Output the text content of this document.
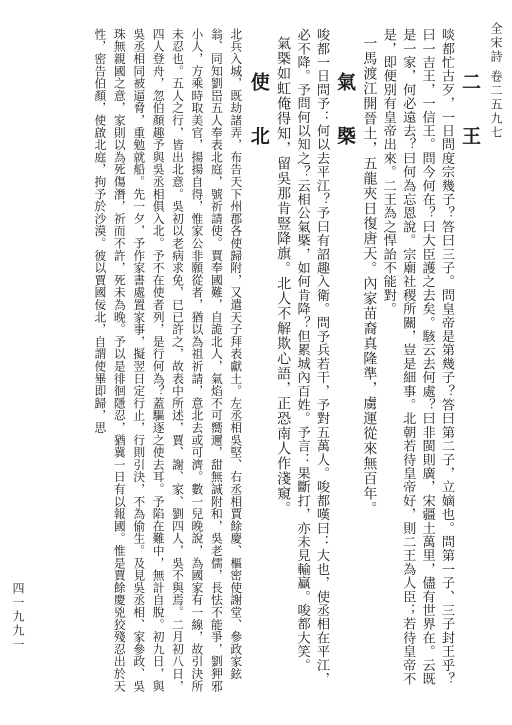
全宋詩 卷二五九七
四一九九一
二 王
啖都忙古歹，一日問度宗幾子？答曰三子。問皇帝是第幾子？答曰第二子，立嫡也。問第一子、三子封王乎？曰一吉王，一信王。問今何在？曰大臣護之去矣。駭云去何處？曰非閩則廣，宋疆土萬里，儘有世界在。云既是一家，何必遠去？曰何為忘恩說。宗廟社稷所關，豈是細事。北朝若待皇帝好，則二王為人臣；若待皇帝不是，即便別有皇帝出來。二王為之悍詒不能對。
一馬渡江開晉土，五龍夾日復唐天。內家苗裔真隆準，虜運從來無百年。
氣 槩
唆都一日問予：何以去平江？予曰有詔趣入衛。問予兵若干，予對五萬人。唆都嘆曰：大也，使丞相在平江，必不降。予問何以知之？云相公氣槩，如何肯降？但累城內百姓。予言：果斷打，亦未見輸贏。唆都大笑。
氣槩如虹俺得知，留吳那肯豎降旗。北人不解欺心語，正恐南人作淺窺。
使 北
北兵入城，既劫諸弄，布告天下州郡各使歸附，又遣天子拜表獻土。左丞相吳堅、右丞相賈餘慶、樞密使謝堂、參政家鉉翁、同知劉岊五人奉表北庭，號祈請使。賈奉國難，自詭北人，氣焰不可嚮邇，甜無誠附和，吳老儒，長怯不能爭，劉狎邪小人，方乘時取美官，揚揚自得，惟家公非願從者，猶以為祖祈請，意北去或可濟。數一兒晚說，為國家有一線，故引決所未忍也。五人之行，皆出北意。吳初以老病求免，已已許之，故表中所述，賈、謝、家、劉四人，吳不與焉。二月初八日，四人登舟，忽伯顏趣予與吳丞相俱入北。予不在使者列，是行何為？蓋驅逐之使去耳。予陷在難中，無計自脫。初九日，與吳丞相同被逼脅，重勉就船。先一夕，予作家書處置家事，擬翌日定行止，行則引決，不為偷生。及見吳丞相、家參政、吳珠無親國之意，家則以為死傷潛，祈而不許，死未為晚。予以是徘徊隱忍，猶冀一日有以報國。惟是賈餘慶兇狡殘忍出於天性，密告伯顏，使啟北庭，拘予於沙漠。彼以賈國佞北，自謂使畢即歸，思
